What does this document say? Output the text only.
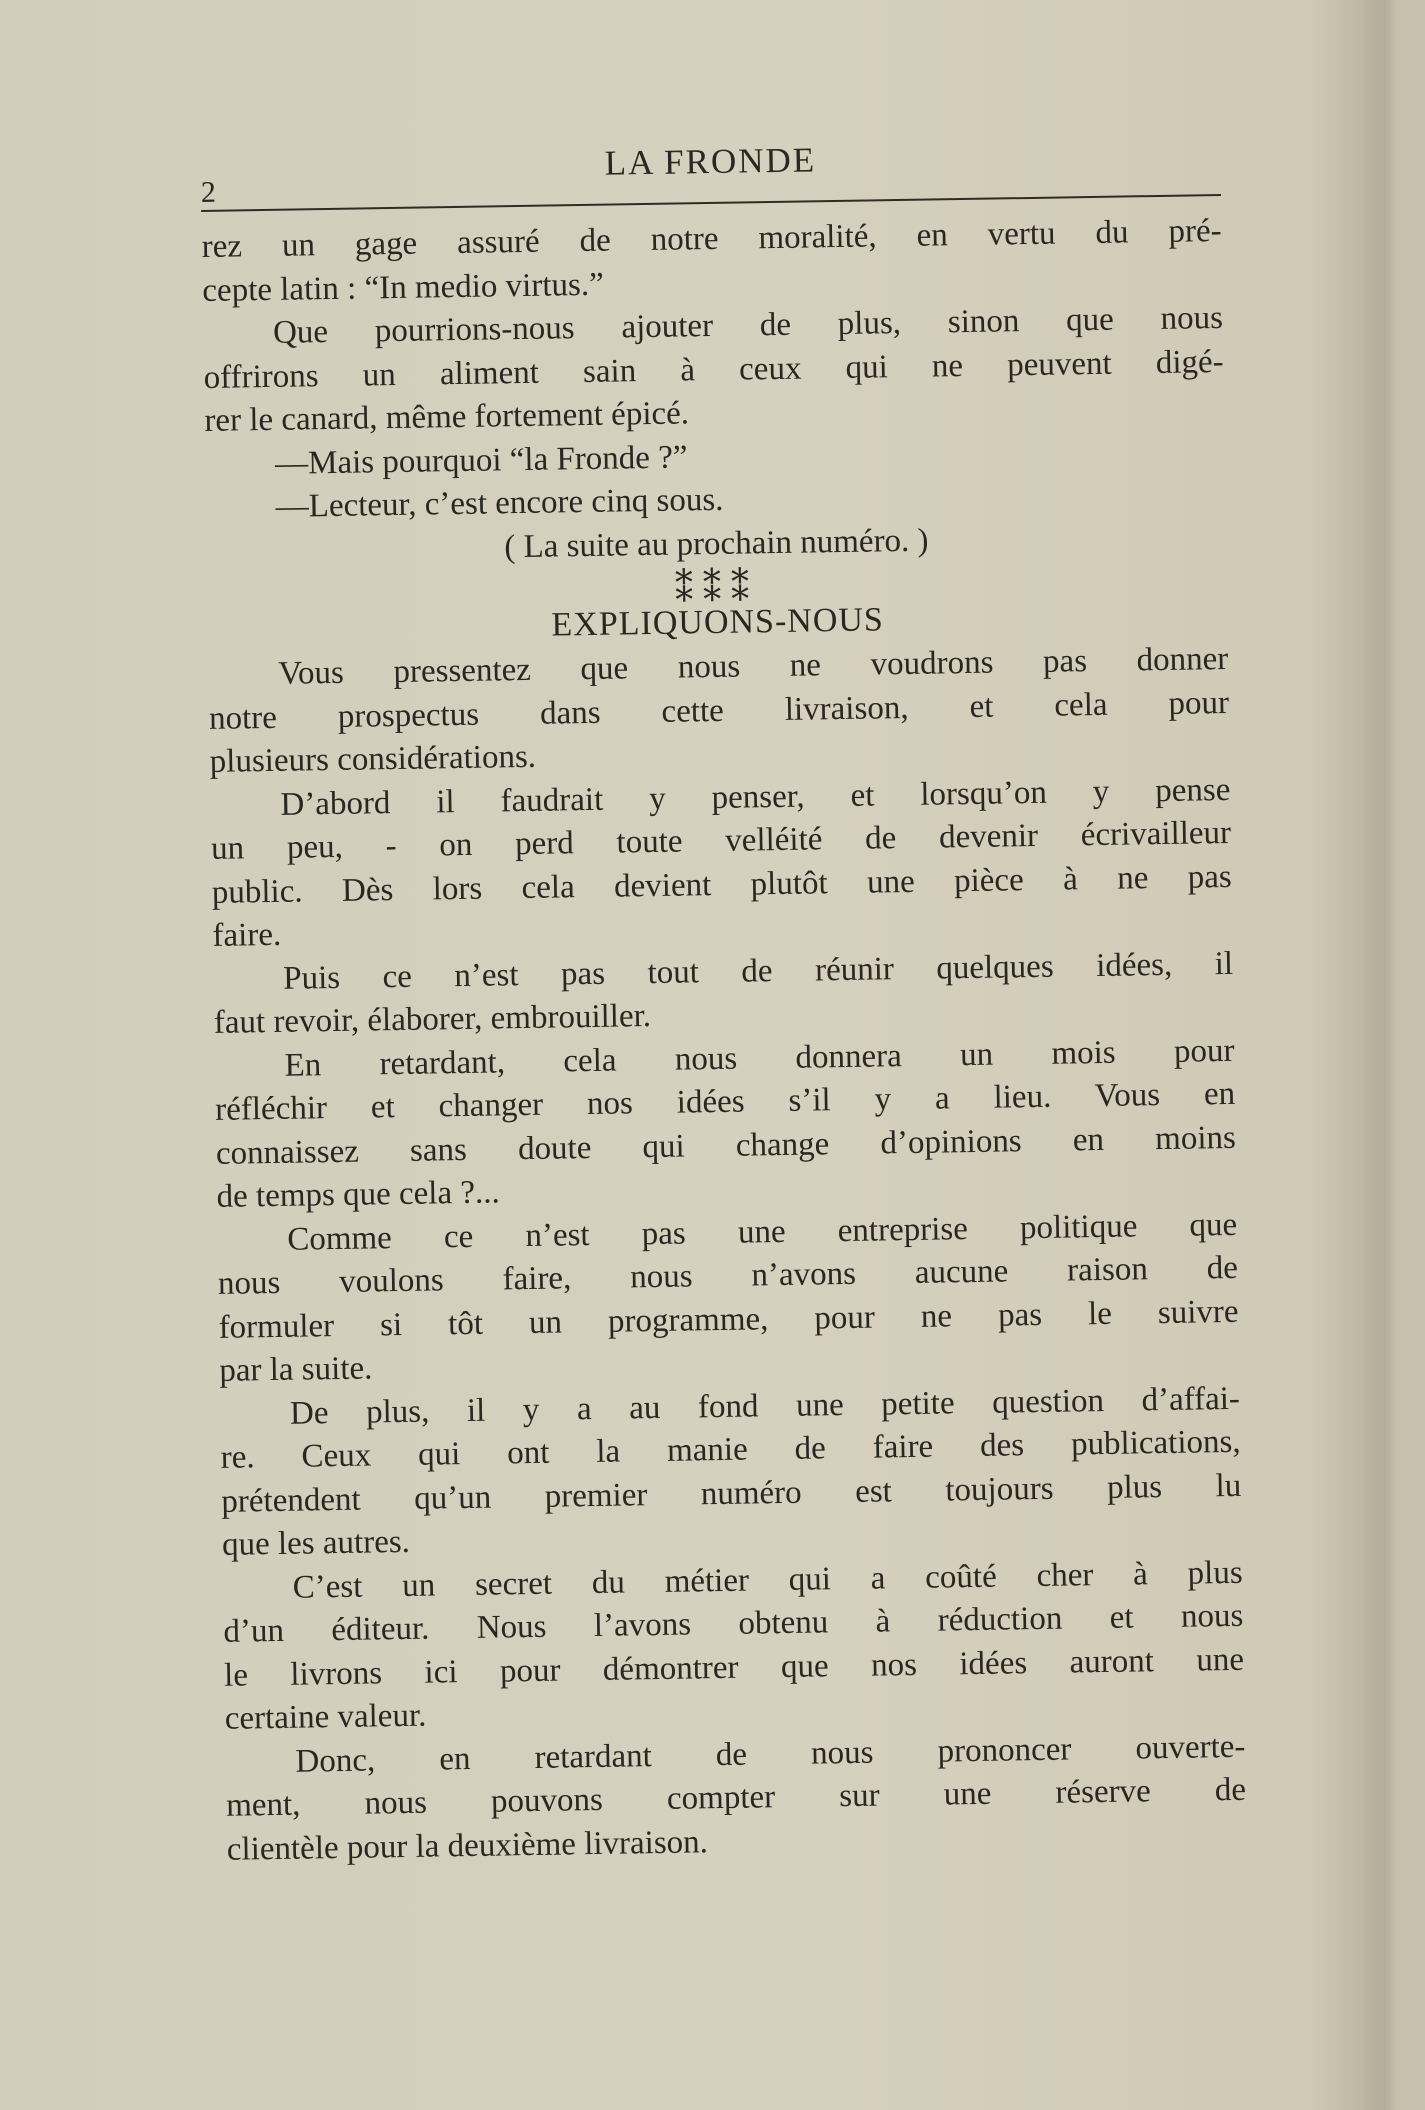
2
LA FRONDE
rez un gage assuré de notre moralité, en vertu du pré-
cepte latin : “In medio virtus.”
Que pourrions-nous ajouter de plus, sinon que nous
offrirons un aliment sain à ceux qui ne peuvent digé-
rer le canard, même fortement épicé.
—Mais pourquoi “la Fronde ?”
—Lecteur, c’est encore cinq sous.
( La suite au prochain numéro. )
⁑⁑⁑
EXPLIQUONS-NOUS
Vous pressentez que nous ne voudrons pas donner
notre prospectus dans cette livraison, et cela pour
plusieurs considérations.
D’abord il faudrait y penser, et lorsqu’on y pense
un peu, - on perd toute velléité de devenir écrivailleur
public. Dès lors cela devient plutôt une pièce à ne pas
faire.
Puis ce n’est pas tout de réunir quelques idées, il
faut revoir, élaborer, embrouiller.
En retardant, cela nous donnera un mois pour
réfléchir et changer nos idées s’il y a lieu. Vous en
connaissez sans doute qui change d’opinions en moins
de temps que cela ?...
Comme ce n’est pas une entreprise politique que
nous voulons faire, nous n’avons aucune raison de
formuler si tôt un programme, pour ne pas le suivre
par la suite.
De plus, il y a au fond une petite question d’affai-
re. Ceux qui ont la manie de faire des publications,
prétendent qu’un premier numéro est toujours plus lu
que les autres.
C’est un secret du métier qui a coûté cher à plus
d’un éditeur. Nous l’avons obtenu à réduction et nous
le livrons ici pour démontrer que nos idées auront une
certaine valeur.
Donc, en retardant de nous prononcer ouverte-
ment, nous pouvons compter sur une réserve de
clientèle pour la deuxième livraison.
